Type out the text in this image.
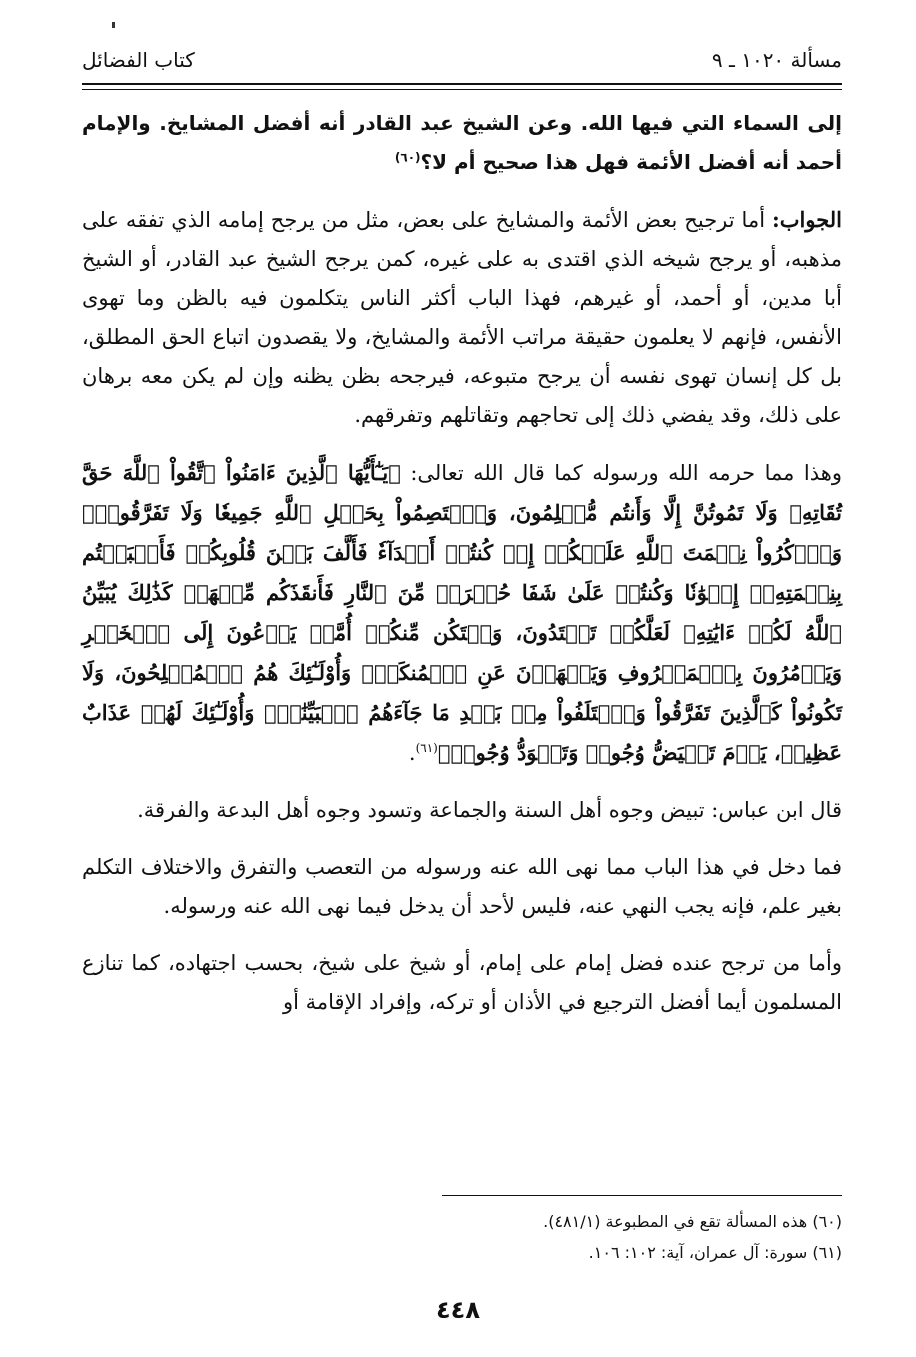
مسألة ١٠٢٠ ـ ٩
كتاب الفضائل

إلى السماء التي فيها الله. وعن الشيخ عبد القادر أنه أفضل المشايخ. والإمام أحمد أنه أفضل الأئمة فهل هذا صحيح أم لا؟$^{(٦٠)}$

الجواب: أما ترجيح بعض الأئمة والمشايخ على بعض، مثل من يرجح إمامه الذي تفقه على مذهبه، أو يرجح شيخه الذي اقتدى به على غيره، كمن يرجح الشيخ عبد القادر، أو الشيخ أبا مدين، أو أحمد، أو غيرهم، فهذا الباب أكثر الناس يتكلمون فيه بالظن وما تهوى الأنفس، فإنهم لا يعلمون حقيقة مراتب الأئمة والمشايخ، ولا يقصدون اتباع الحق المطلق، بل كل إنسان تهوى نفسه أن يرجح متبوعه، فيرجحه بظن يظنه وإن لم يكن معه برهان على ذلك، وقد يفضي ذلك إلى تحاجهم وتقاتلهم وتفرقهم.

وهذا مما حرمه الله ورسوله كما قال الله تعالى: ﴿يَـٰٓأَيُّهَا ٱلَّذِينَ ءَامَنُواْ ٱتَّقُواْ ٱللَّهَ حَقَّ تُقَاتِهِۦ وَلَا تَمُوتُنَّ إِلَّا وَأَنتُم مُّسۡلِمُونَ، وَٱعۡتَصِمُواْ بِحَبۡلِ ٱللَّهِ جَمِيعٗا وَلَا تَفَرَّقُواْۚ وَٱذۡكُرُواْ نِعۡمَتَ ٱللَّهِ عَلَيۡكُمۡ إِذۡ كُنتُمۡ أَعۡدَآءٗ فَأَلَّفَ بَيۡنَ قُلُوبِكُمۡ فَأَصۡبَحۡتُم بِنِعۡمَتِهِۦٓ إِخۡوَٰنٗا وَكُنتُمۡ عَلَىٰ شَفَا حُفۡرَةٖ مِّنَ ٱلنَّارِ فَأَنقَذَكُم مِّنۡهَاۗ كَذَٰلِكَ يُبَيِّنُ ٱللَّهُ لَكُمۡ ءَايَٰتِهِۦ لَعَلَّكُمۡ تَهۡتَدُونَ، وَلۡتَكُن مِّنكُمۡ أُمَّةٞ يَدۡعُونَ إِلَى ٱلۡخَيۡرِ وَيَأۡمُرُونَ بِٱلۡمَعۡرُوفِ وَيَنۡهَوۡنَ عَنِ ٱلۡمُنكَرِۚ وَأُوْلَـٰٓئِكَ هُمُ ٱلۡمُفۡلِحُونَ، وَلَا تَكُونُواْ كَٱلَّذِينَ تَفَرَّقُواْ وَٱخۡتَلَفُواْ مِنۢ بَعۡدِ مَا جَآءَهُمُ ٱلۡبَيِّنَٰتُۚ وَأُوْلَـٰٓئِكَ لَهُمۡ عَذَابٌ عَظِيمٞ، يَوۡمَ تَبۡيَضُّ وُجُوهٞ وَتَسۡوَدُّ وُجُوهٞ﴾$^{(٦١)}$.

قال ابن عباس: تبيض وجوه أهل السنة والجماعة وتسود وجوه أهل البدعة والفرقة.

فما دخل في هذا الباب مما نهى الله عنه ورسوله من التعصب والتفرق والاختلاف التكلم بغير علم، فإنه يجب النهي عنه، فليس لأحد أن يدخل فيما نهى الله عنه ورسوله.

وأما من ترجح عنده فضل إمام على إمام، أو شيخ على شيخ، بحسب اجتهاده، كما تنازع المسلمون أيما أفضل الترجيع في الأذان أو تركه، وإفراد الإقامة أو

(٦٠) هذه المسألة تقع في المطبوعة (٤٨١/١).
(٦١) سورة: آل عمران، آية: ١٠٢: ١٠٦.
٤٤٨
